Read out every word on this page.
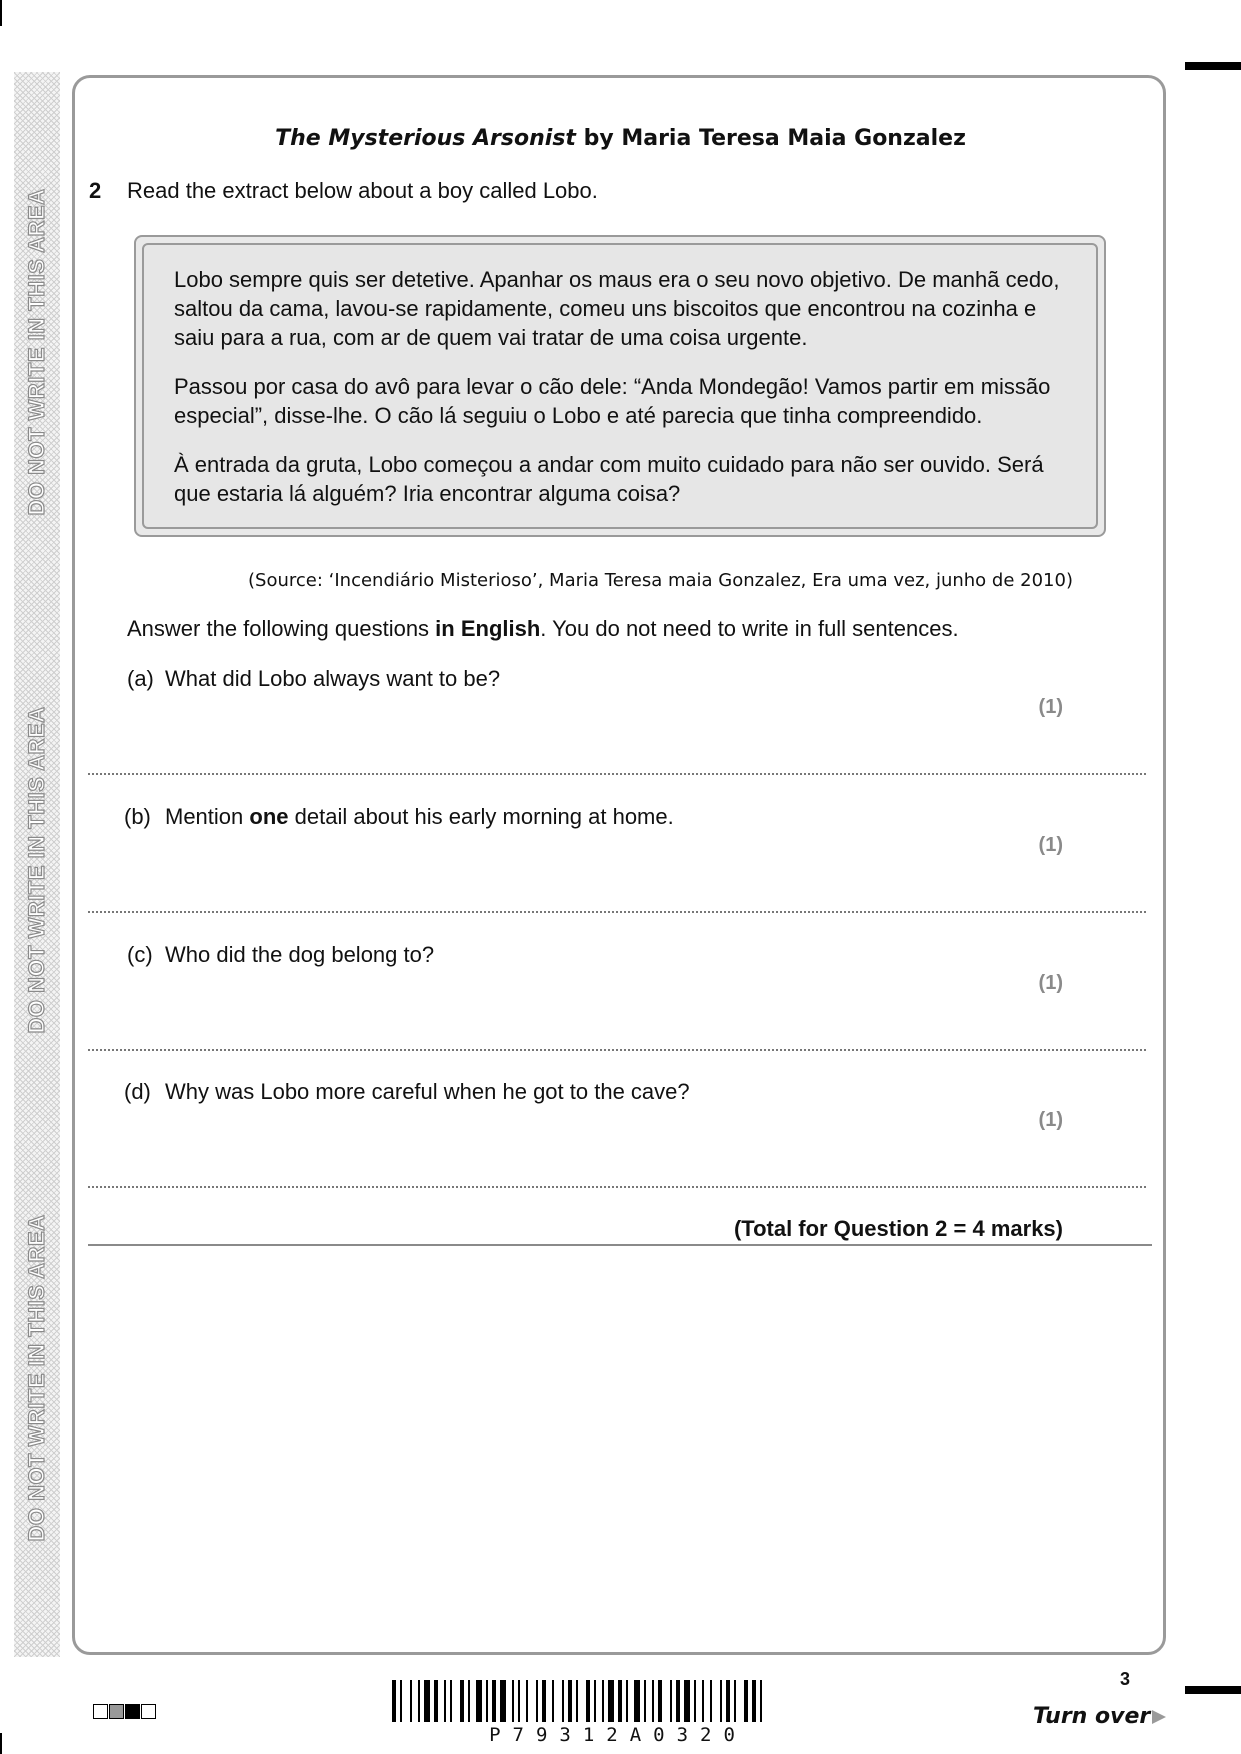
DO NOT WRITE IN THIS AREA
DO NOT WRITE IN THIS AREA
DO NOT WRITE IN THIS AREA
The Mysterious Arsonist by Maria Teresa Maia Gonzalez
2 Read the extract below about a boy called Lobo.

Lobo sempre quis ser detetive. Apanhar os maus era o seu novo objetivo. De manhã cedo, saltou da cama, lavou-se rapidamente, comeu uns biscoitos que encontrou na cozinha e saiu para a rua, com ar de quem vai tratar de uma coisa urgente.

Passou por casa do avô para levar o cão dele: “Anda Mondegão! Vamos partir em missão especial”, disse-lhe. O cão lá seguiu o Lobo e até parecia que tinha compreendido.

À entrada da gruta, Lobo começou a andar com muito cuidado para não ser ouvido. Será que estaria lá alguém? Iria encontrar alguma coisa?

(Source: ‘Incendiário Misterioso’, Maria Teresa maia Gonzalez, Era uma vez, junho de 2010)
Answer the following questions in English. You do not need to write in full sentences.
(a) What did Lobo always want to be?
(1)
(b) Mention one detail about his early morning at home.
(1)
(c) Who did the dog belong to?
(1)
(d) Why was Lobo more careful when he got to the cave?
(1)
(Total for Question 2 = 4 marks)
P79312A0320
3
Turn over
